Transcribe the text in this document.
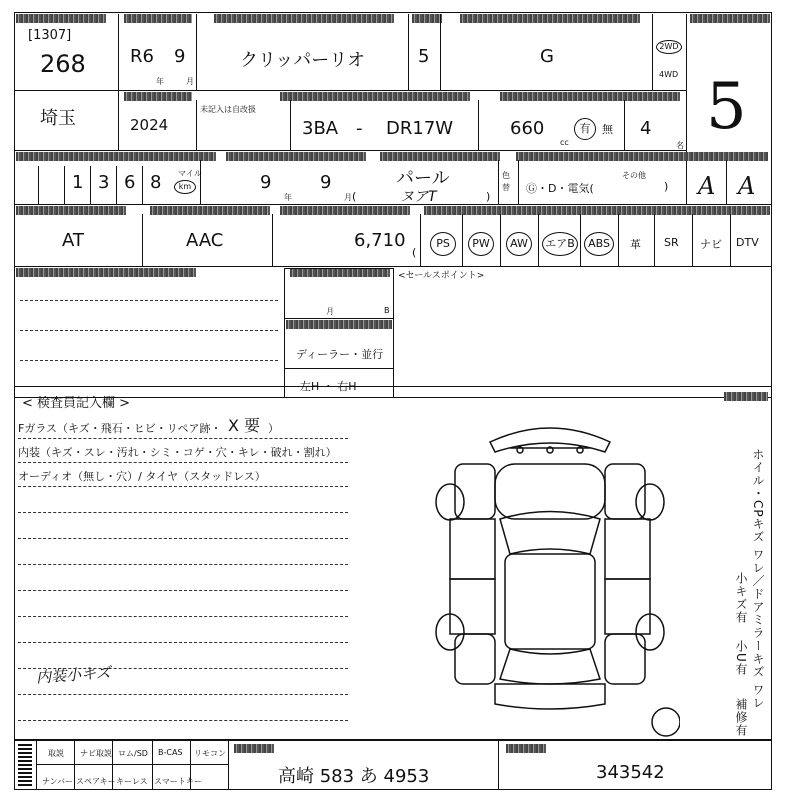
[1307]
268 R6 9
年	月
クリッパーリオ	5	G	2WD
4WD 5
埼玉	2024
未記入は自改扱
3BA - DR17W	660
cc
有	無 4
名
1 3 6 8 マイル
km	9
年
9
月 (
パール
ヌアT	)
色替 Ⓖ・D・電気(
その他
) A A
AT	AAC	6,710
(
PS	PW	AW	エアB	ABS	革 SR ナビ DTV
<セールスポイント>
月	B
ディーラー・並行
左H ・ 右H
< 検査員記入欄 >
Fガラス（キズ・飛石・ヒビ・リペア跡・ X 要 ）
内装（キズ・スレ・汚れ・シミ・コゲ・穴・キレ・破れ・割れ）
オーディオ（無し・穴）/ タイヤ（スタッドレス）
内装小キズ	ホイル・CPキズ ワレ／ドアミラーキズ ワレ
小キズ有
小U有
補修有
取説 ナビ取説 ロム/SD B-CAS リモコン
ナンバー スペアキー キーレス スマートキー	高崎 583 あ 4953	343542
